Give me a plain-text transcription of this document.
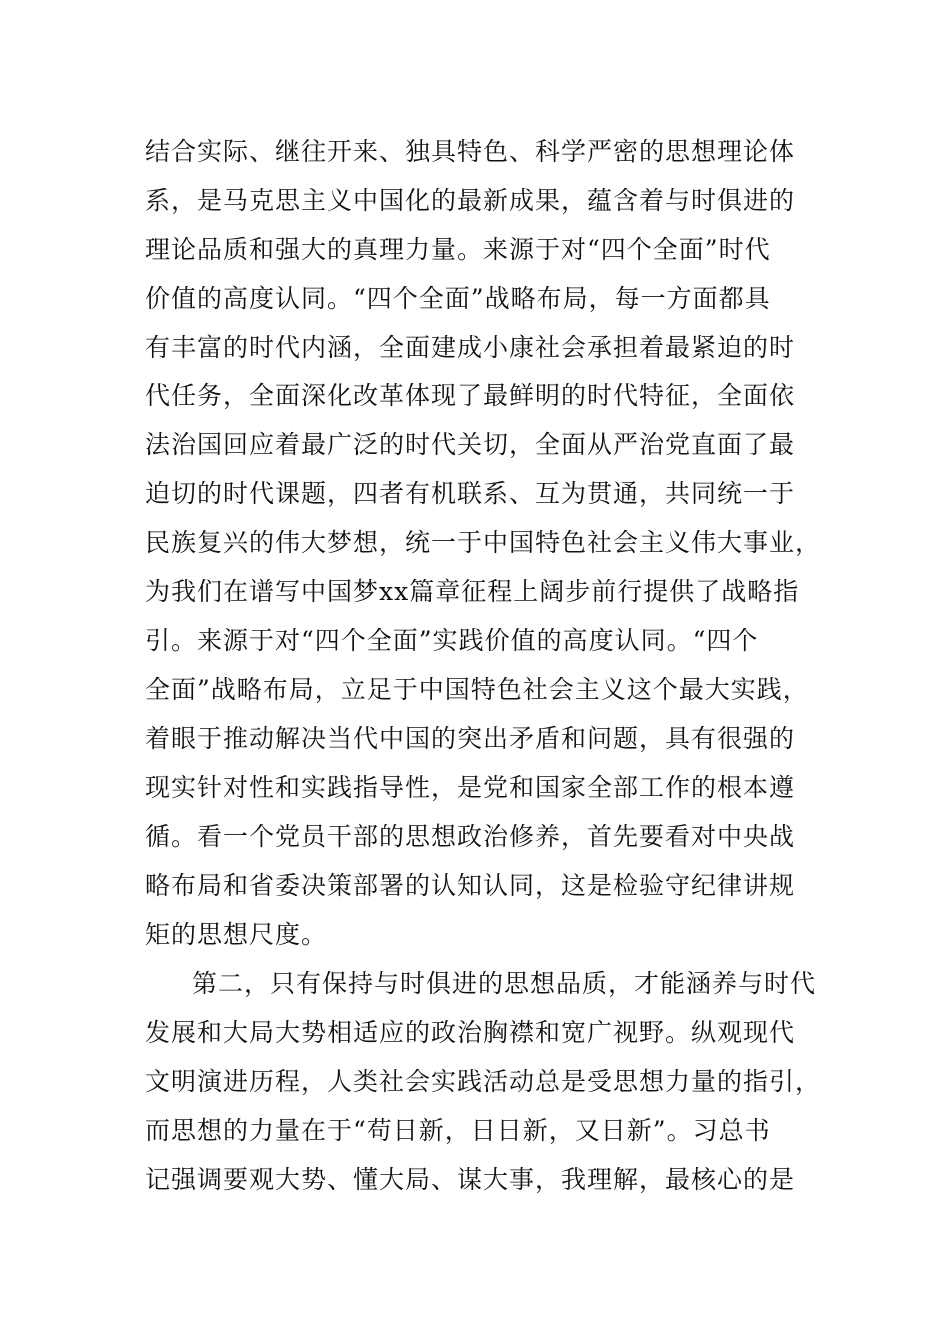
结合实际、继往开来、独具特色、科学严密的思想理论体
系，是马克思主义中国化的最新成果，蕴含着与时俱进的
理论品质和强大的真理力量。来源于对“四个全面”时代
价值的高度认同。“四个全面”战略布局，每一方面都具
有丰富的时代内涵，全面建成小康社会承担着最紧迫的时
代任务，全面深化改革体现了最鲜明的时代特征，全面依
法治国回应着最广泛的时代关切，全面从严治党直面了最
迫切的时代课题，四者有机联系、互为贯通，共同统一于
民族复兴的伟大梦想，统一于中国特色社会主义伟大事业，
为我们在谱写中国梦xx篇章征程上阔步前行提供了战略指
引。来源于对“四个全面”实践价值的高度认同。“四个
全面”战略布局，立足于中国特色社会主义这个最大实践，
着眼于推动解决当代中国的突出矛盾和问题，具有很强的
现实针对性和实践指导性，是党和国家全部工作的根本遵
循。看一个党员干部的思想政治修养，首先要看对中央战
略布局和省委决策部署的认知认同，这是检验守纪律讲规
矩的思想尺度。
第二，只有保持与时俱进的思想品质，才能涵养与时代
发展和大局大势相适应的政治胸襟和宽广视野。纵观现代
文明演进历程，人类社会实践活动总是受思想力量的指引，
而思想的力量在于“苟日新，日日新，又日新”。习总书
记强调要观大势、懂大局、谋大事，我理解，最核心的是
